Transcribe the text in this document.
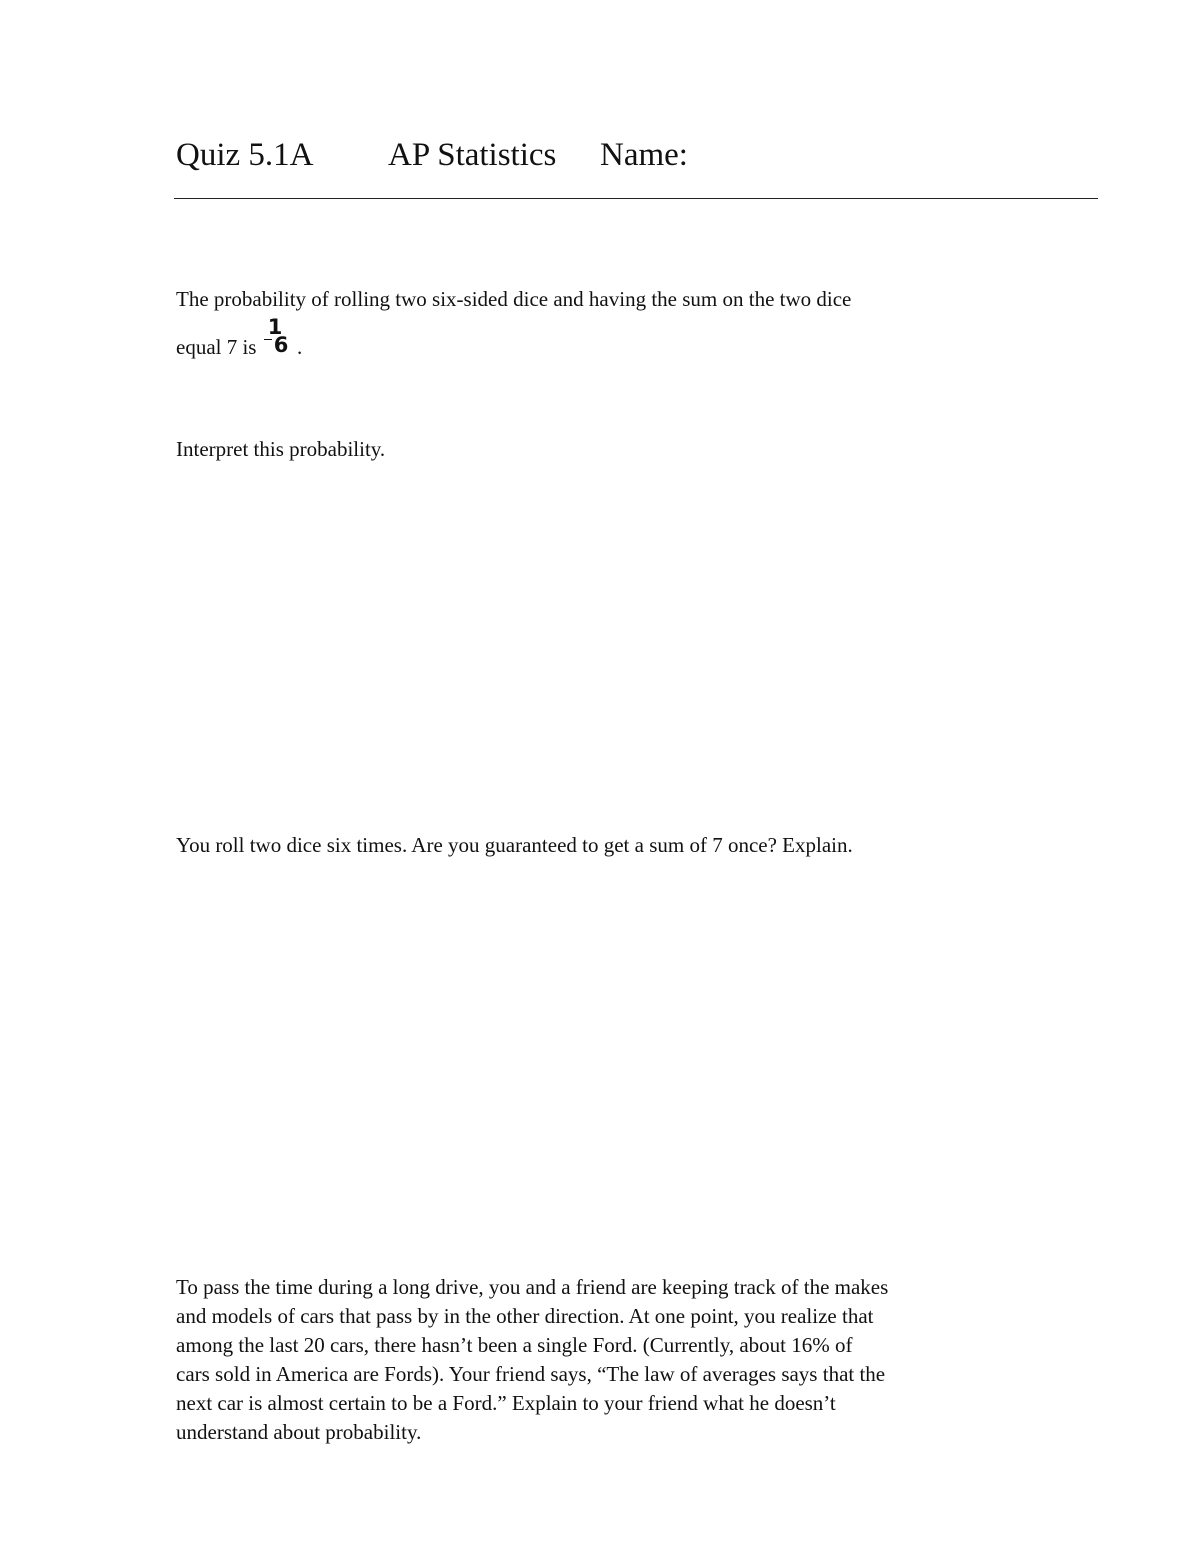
Quiz 5.1A AP Statistics Name:
The probability of rolling two six-sided dice and having the sum on the two dice
equal 7 is $\frac{1}{6}$ .
Interpret this probability.
You roll two dice six times. Are you guaranteed to get a sum of 7 once? Explain.
To pass the time during a long drive, you and a friend are keeping track of the makes
and models of cars that pass by in the other direction. At one point, you realize that
among the last 20 cars, there hasn’t been a single Ford. (Currently, about 16% of
cars sold in America are Fords). Your friend says, “The law of averages says that the
next car is almost certain to be a Ford.” Explain to your friend what he doesn’t
understand about probability.
